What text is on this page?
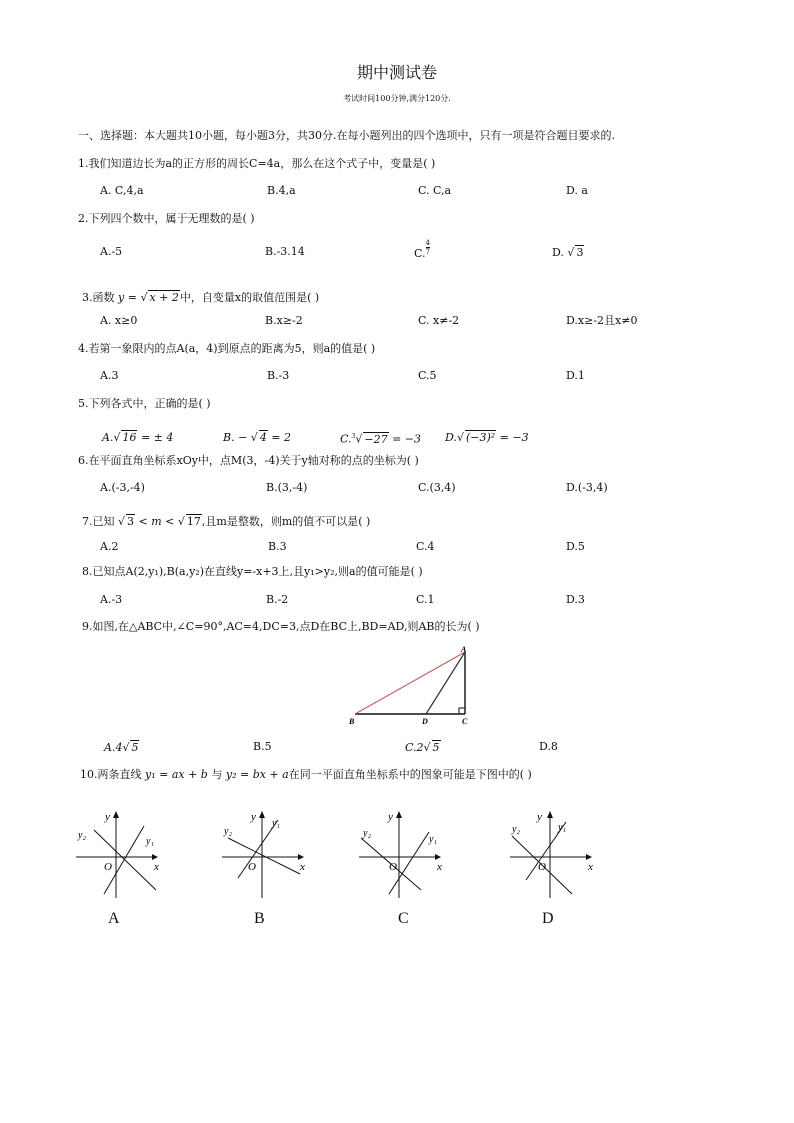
期中测试卷
考试时间100分钟,满分120分.
一、选择题：本大题共10小题，每小题3分，共30分.在每小题列出的四个选项中，只有一项是符合题目要求的.
1.我们知道边长为a的正方形的周长C=4a，那么在这个式子中，变量是( )
A. C,4,a	B.4,a	C. C,a	D. a
2.下列四个数中，属于无理数的是( )
A.-5	B.-3.14	C. $\frac{4}{7}$	D. √ 3
3.函数 y = √ x + 2中，自变量x的取值范围是( )
A. x≥0	B.x≥-2	C. x≠-2	D.x≥-2且x≠0
4.若第一象限内的点A(a，4)到原点的距离为5，则a的值是( )
A.3	B.-3	C.5	D.1
5.下列各式中，正确的是( )
A.√ 16 = ± 4	B. − √ 4 = 2	C.$^3$√ −27 = −3 D.√ (−3)² = −3
6.在平面直角坐标系xOy中，点M(3，-4)关于y轴对称的点的坐标为( )
A.(-3,-4)	B.(3,-4)	C.(3,4)	D.(-3,4)
7.已知 √ 3 < m < √ 17,且m是整数，则m的值不可以是( )
A.2	B.3	C.4	D.5
8.已知点A(2,y₁),B(a,y₂)在直线y=-x+3上,且y₁>y₂,则a的值可能是( )
A.-3	B.-2	C.1	D.3
9.如图,在△ABC中,∠C=90°,AC=4,DC=3,点D在BC上,BD=AD,则AB的长为( )
A
B	D	C
A.4√ 5	B.5	C.2√ 5	D.8
10.两条直线 y₁ = ax + b 与 y₂ = bx + a在同一平面直角坐标系中的图象可能是下图中的( )
y
x
O
y₁
y₂
A
y
x
O
y₁
y₂
B
y
x
O
y₁
y₂
C
y
x
O
y₁
y₂
D
